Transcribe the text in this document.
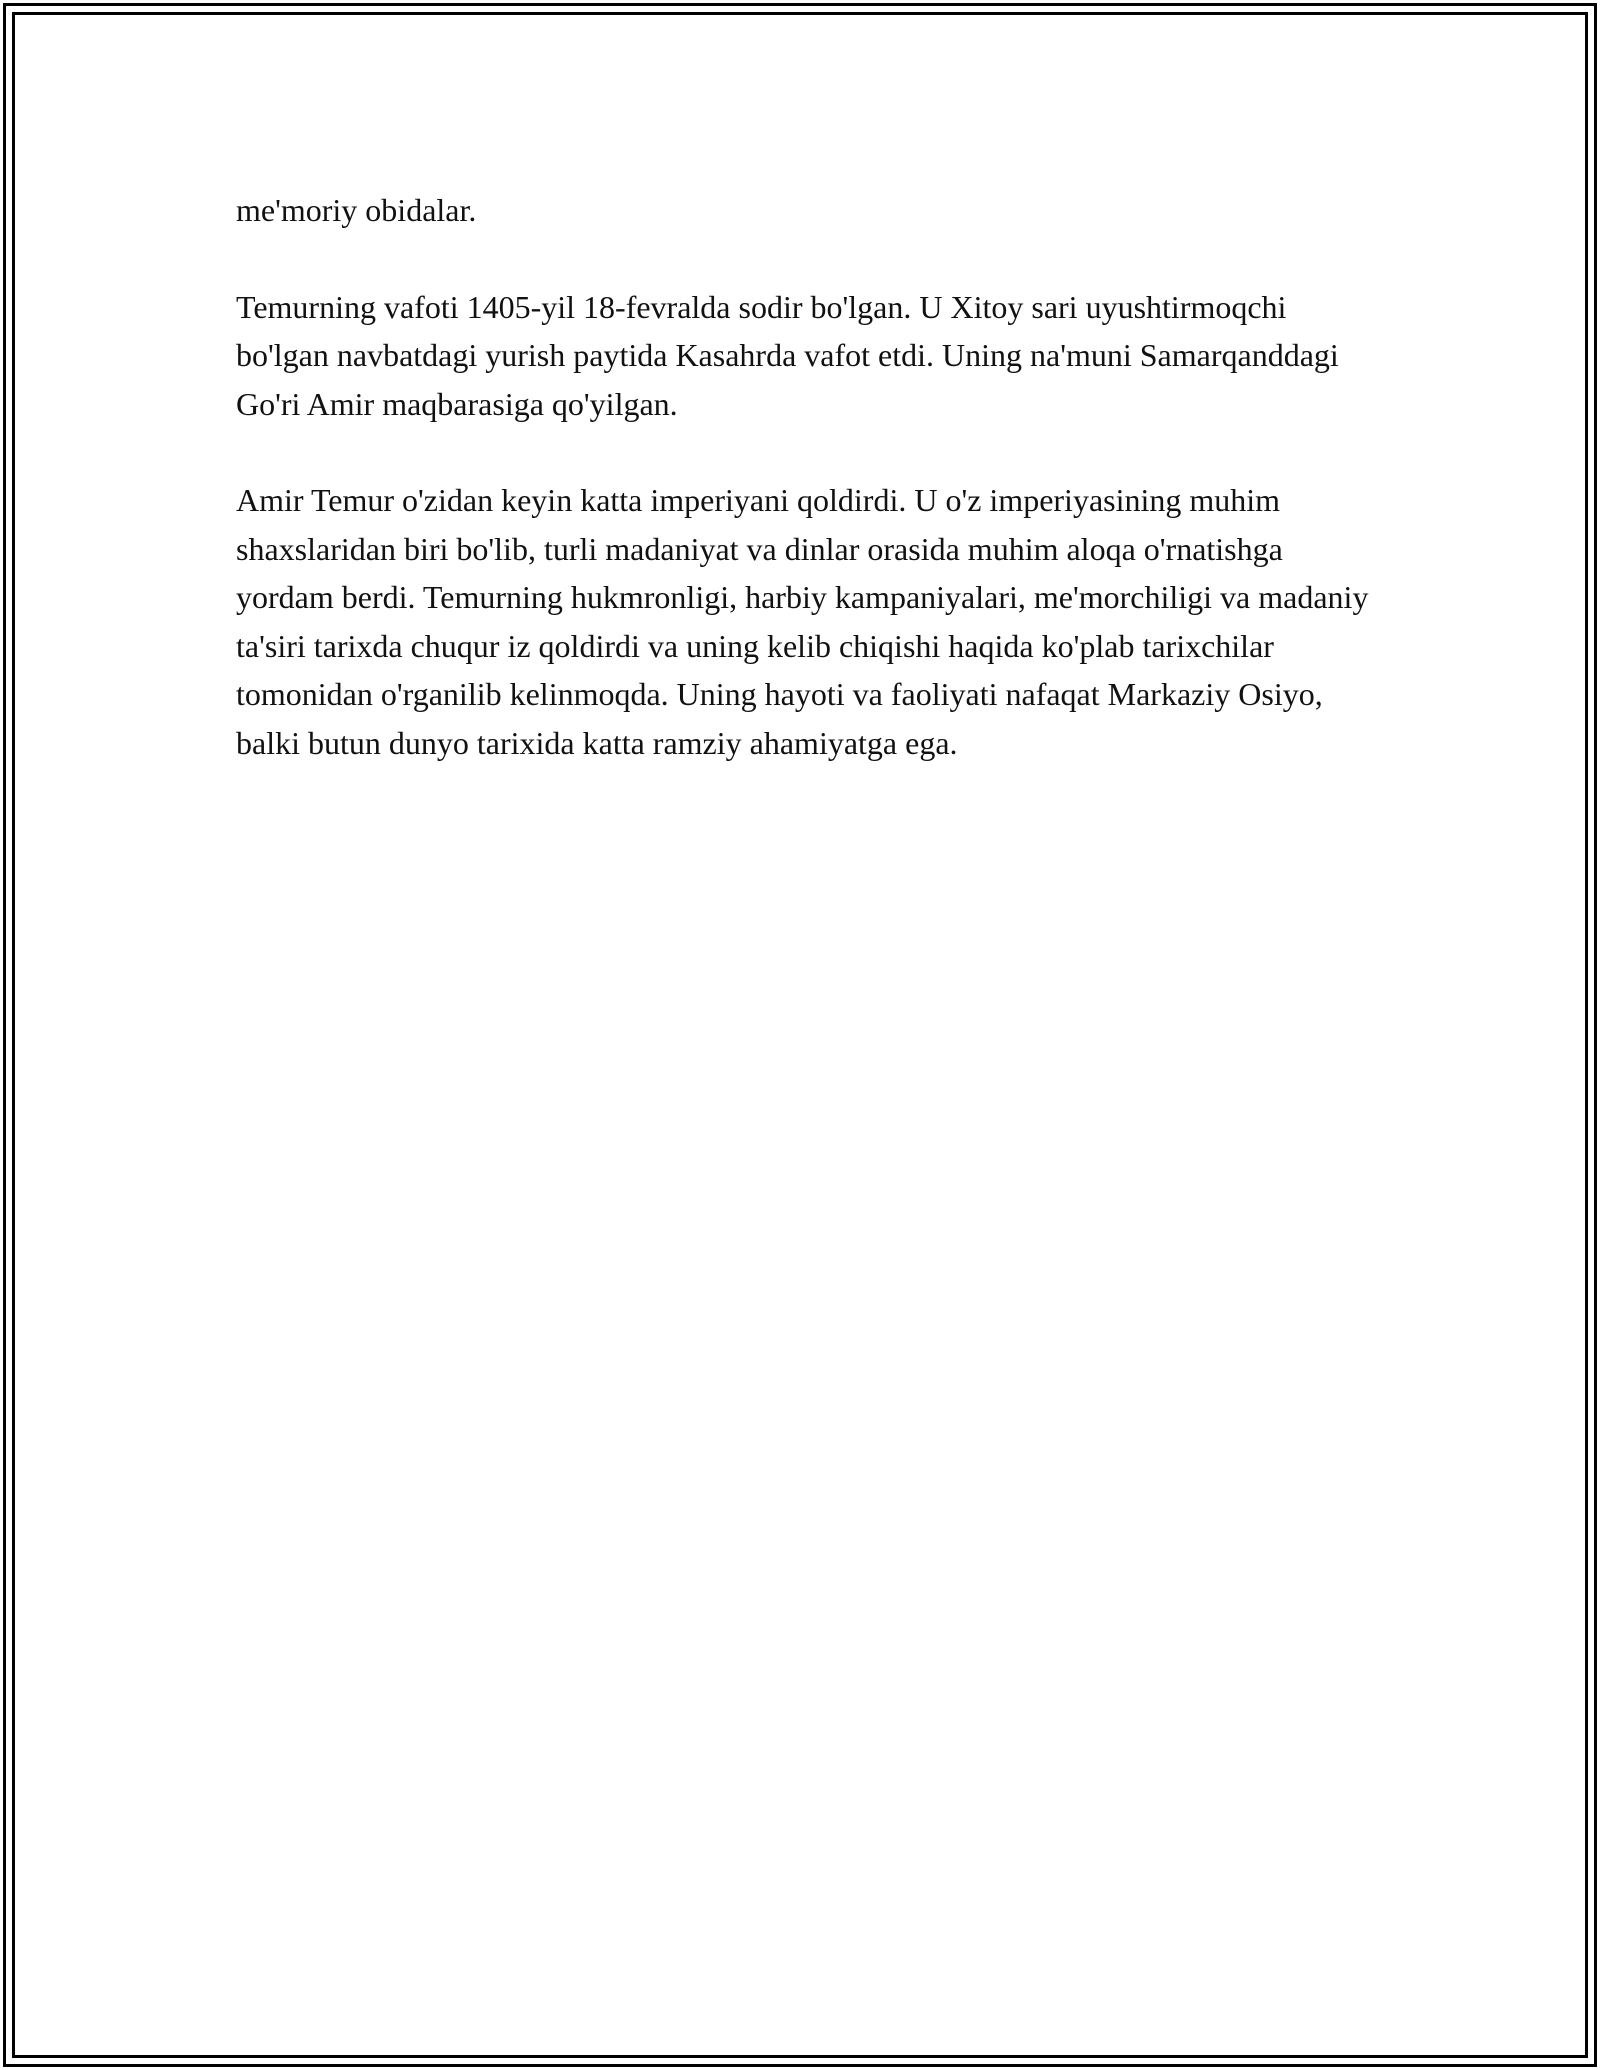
me'moriy obidalar.

Temurning vafoti 1405-yil 18-fevralda sodir bo'lgan. U Xitoy sari uyushtirmoqchi bo'lgan navbatdagi yurish paytida Kasahrda vafot etdi. Uning na'muni Samarqanddagi Go'ri Amir maqbarasiga qo'yilgan.

Amir Temur o'zidan keyin katta imperiyani qoldirdi. U o'z imperiyasining muhim shaxslaridan biri bo'lib, turli madaniyat va dinlar orasida muhim aloqa o'rnatishga yordam berdi. Temurning hukmronligi, harbiy kampaniyalari, me'morchiligi va madaniy ta'siri tarixda chuqur iz qoldirdi va uning kelib chiqishi haqida ko'plab tarixchilar tomonidan o'rganilib kelinmoqda. Uning hayoti va faoliyati nafaqat Markaziy Osiyo, balki butun dunyo tarixida katta ramziy ahamiyatga ega.
